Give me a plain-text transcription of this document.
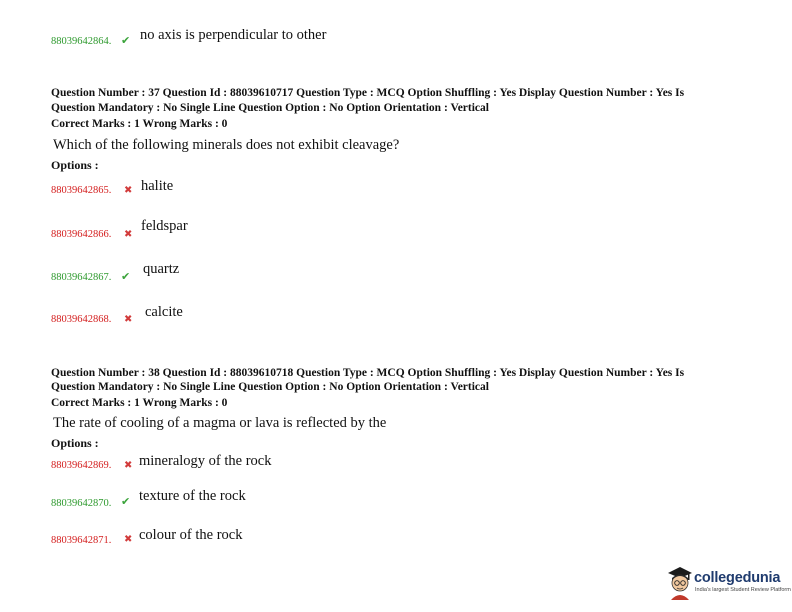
88039642864. ✔ no axis is perpendicular to other
Question Number : 37 Question Id : 88039610717 Question Type : MCQ Option Shuffling : Yes Display Question Number : Yes Is
Question Mandatory : No Single Line Question Option : No Option Orientation : Vertical
Correct Marks : 1 Wrong Marks : 0
Which of the following minerals does not exhibit cleavage?
Options :
88039642865. ✖ halite
88039642866. ✖
feldspar
88039642867. ✔ quartz
88039642868. ✖ calcite
Question Number : 38 Question Id : 88039610718 Question Type : MCQ Option Shuffling : Yes Display Question Number : Yes Is
Question Mandatory : No Single Line Question Option : No Option Orientation : Vertical
Correct Marks : 1 Wrong Marks : 0
The rate of cooling of a magma or lava is reflected by the
Options :
88039642869. ✖ mineralogy of the rock
88039642870. ✔ texture of the rock
88039642871. ✖ colour of the rock
collegedunia
India's largest Student Review Platform
